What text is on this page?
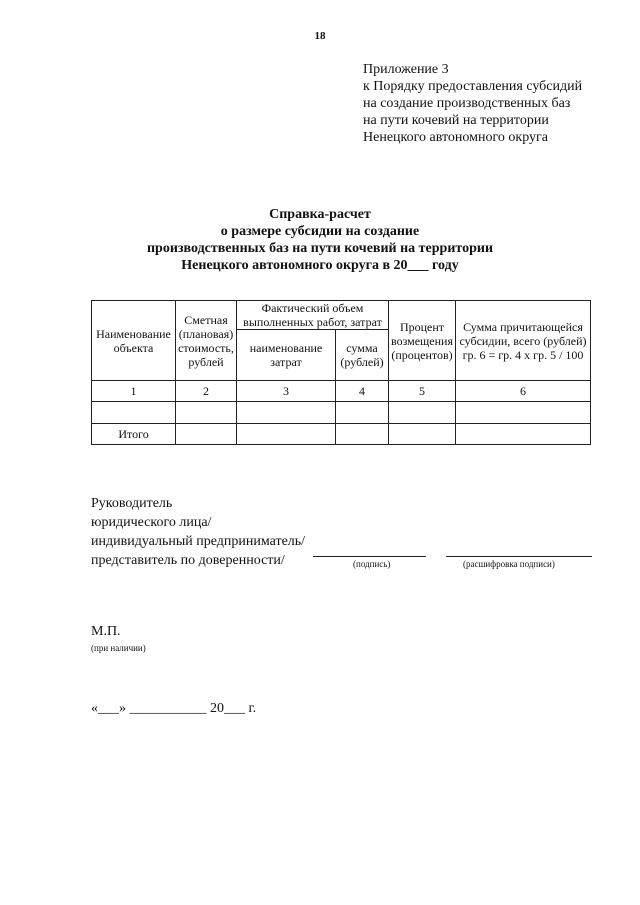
18
Приложение 3
к Порядку предоставления субсидий
на создание производственных баз
на пути кочевий на территории
Ненецкого автономного округа
Справка-расчет
о размере субсидии на создание
производственных баз на пути кочевий на территории
Ненецкого автономного округа в 20___ году
Наименование объекта	Сметная (плановая) стоимость, рублей	Фактический объем выполненных работ, затрат		Процент возмещения (процентов)	Сумма причитающейся субсидии, всего (рублей) гр. 6 = гр. 4 х гр. 5 / 100
		наименование затрат	сумма (рублей)		
1	2	3	4	5	6

Итого					
Руководитель
юридического лица/
индивидуальный предприниматель/
представитель по доверенности/	(подпись)	(расшифровка подписи)
М.П.
(при наличии)
«___» ___________ 20___ г.
